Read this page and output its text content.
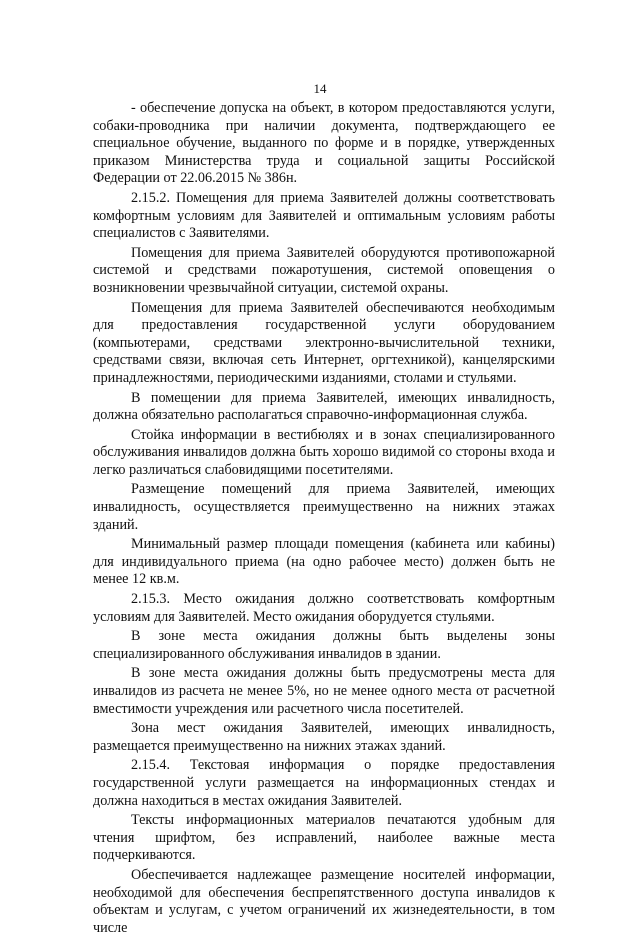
14

- обеспечение допуска на объект, в котором предоставляются услуги, собаки-проводника при наличии документа, подтверждающего ее специальное обучение, выданного по форме и в порядке, утвержденных приказом Министерства труда и социальной защиты Российской Федерации от 22.06.2015 № 386н.

2.15.2. Помещения для приема Заявителей должны соответствовать комфортным условиям для Заявителей и оптимальным условиям работы специалистов с Заявителями.

Помещения для приема Заявителей оборудуются противопожарной системой и средствами пожаротушения, системой оповещения о возникновении чрезвычайной ситуации, системой охраны.

Помещения для приема Заявителей обеспечиваются необходимым для предоставления государственной услуги оборудованием (компьютерами, средствами электронно-вычислительной техники, средствами связи, включая сеть Интернет, оргтехникой), канцелярскими принадлежностями, периодическими изданиями, столами и стульями.

В помещении для приема Заявителей, имеющих инвалидность, должна обязательно располагаться справочно-информационная служба.

Стойка информации в вестибюлях и в зонах специализированного обслуживания инвалидов должна быть хорошо видимой со стороны входа и легко различаться слабовидящими посетителями.

Размещение помещений для приема Заявителей, имеющих инвалидность, осуществляется преимущественно на нижних этажах зданий.

Минимальный размер площади помещения (кабинета или кабины) для индивидуального приема (на одно рабочее место) должен быть не менее 12 кв.м.

2.15.3. Место ожидания должно соответствовать комфортным условиям для Заявителей. Место ожидания оборудуется стульями.

В зоне места ожидания должны быть выделены зоны специализированного обслуживания инвалидов в здании.

В зоне места ожидания должны быть предусмотрены места для инвалидов из расчета не менее 5%, но не менее одного места от расчетной вместимости учреждения или расчетного числа посетителей.

Зона мест ожидания Заявителей, имеющих инвалидность, размещается преимущественно на нижних этажах зданий.

2.15.4. Текстовая информация о порядке предоставления государственной услуги размещается на информационных стендах и должна находиться в местах ожидания Заявителей.

Тексты информационных материалов печатаются удобным для чтения шрифтом, без исправлений, наиболее важные места подчеркиваются.

Обеспечивается надлежащее размещение носителей информации, необходимой для обеспечения беспрепятственного доступа инвалидов к объектам и услугам, с учетом ограничений их жизнедеятельности, в том числе
